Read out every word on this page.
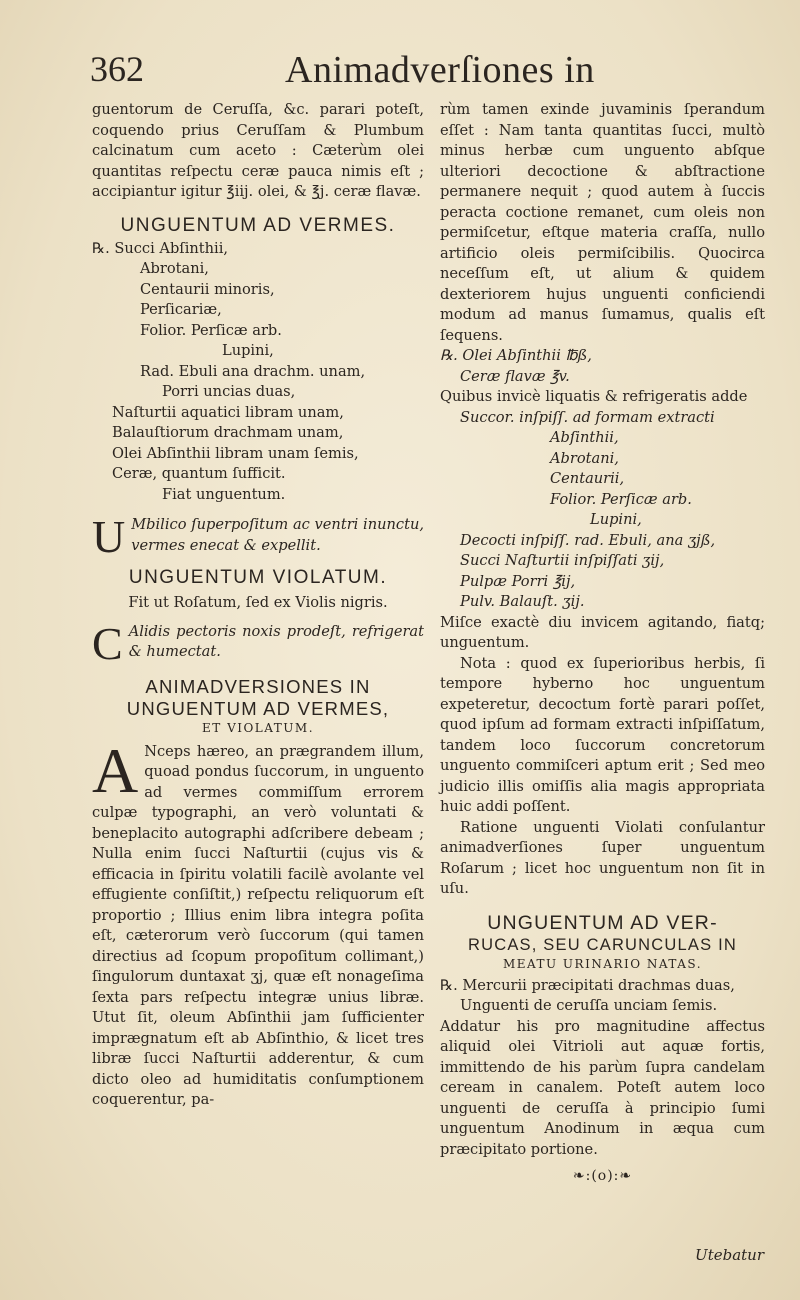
362	Animadverſiones in

guentorum de Ceruſſa, &c. parari poteſt, coquendo prius Ceruſſam & Plumbum calcinatum cum aceto : Cæterùm olei quantitas reſpectu ceræ pauca nimis eſt ; accipiantur igitur ℥iij. olei, & ℥j. ceræ flavæ.

UNGUENTUM AD VERMES.
℞. Succi Abſinthii,
Abrotani,
Centaurii minoris,
Perſicariæ,
Folior. Perſicæ arb.
Lupini,
Rad. Ebuli ana drachm. unam,
Porri uncias duas,
Naſturtii aquatici libram unam,
Balauſtiorum drachmam unam,
Olei Abſinthii libram unam ſemis,
Ceræ, quantum ſufficit.
Fiat unguentum.
U Mbilico ſuperpoſitum ac ventri inunctu, vermes enecat & expellit.

UNGUENTUM VIOLATUM.

Fit ut Roſatum, ſed ex Violis nigris.

C Alidis pectoris noxis prodeſt, refrigerat & humectat.

ANIMADVERSIONES IN
UNGUENTUM AD VERMES,
ET VIOLATUM.
A Nceps hæreo, an prægrandem illum, quoad pondus ſuccorum, in unguento ad vermes commiſſum errorem culpæ typographi, an verò voluntati & beneplacito autographi adſcribere debeam ; Nulla enim ſucci Naſturtii (cujus vis & efficacia in ſpiritu volatili facilè avolante vel effugiente conſiſtit,) reſpectu reliquorum eſt proportio ; Illius enim libra integra poſita eſt, cæterorum verò ſuccorum (qui tamen directius ad ſcopum propoſitum collimant,) ſingulorum duntaxat ʒj, quæ eſt nonageſima ſexta pars reſpectu integræ unius libræ. Utut ſit, oleum Abſinthii jam ſufficienter imprægnatum eſt ab Abſinthio, & licet tres libræ ſucci Naſturtii adderentur, & cum dicto oleo ad humiditatis conſumptionem coquerentur, pa-

rùm tamen exinde juvaminis ſperandum eſſet : Nam tanta quantitas ſucci, multò minus herbæ cum unguento abſque ulteriori decoctione & abſtractione permanere nequit ; quod autem à ſuccis peracta coctione remanet, cum oleis non permiſcetur, eſtque materia craſſa, nullo artificio oleis permiſcibilis. Quocirca neceſſum eſt, ut alium & quidem dexteriorem hujus unguenti conficiendi modum ad manus ſumamus, qualis eſt ſequens.

℞. Olei Abſinthii ℔ß,
Ceræ flavæ ℥v.
Quibus invicè liquatis & refrigeratis adde
Succor. inſpiſſ. ad formam extracti
Abſinthii,
Abrotani,
Centaurii,
Folior. Perſicæ arb.
Lupini,
Decocti inſpiſſ. rad. Ebuli, ana ʒjß,
Succi Naſturtii inſpiſſati ʒij,
Pulpæ Porri ℥ij,
Pulv. Balauſt. ʒij.

Miſce exactè diu invicem agitando, fiatq; unguentum.

Nota : quod ex ſuperioribus herbis, ſi tempore hyberno hoc unguentum expeteretur, decoctum fortè parari poſſet, quod ipſum ad formam extracti inſpiſſatum, tandem loco ſuccorum concretorum unguento commiſceri aptum erit ; Sed meo judicio illis omiſſis alia magis appropriata huic addi poſſent.

Ratione unguenti Violati conſulantur animadverſiones ſuper unguentum Roſarum ; licet hoc unguentum non ſit in uſu.

UNGUENTUM AD VER-
RUCAS, SEU CARUNCULAS IN
MEATU URINARIO NATAS.
℞. Mercurii præcipitati drachmas duas,
Unguenti de ceruſſa unciam ſemis.

Addatur his pro magnitudine affectus aliquid olei Vitrioli aut aquæ fortis, immittendo de his parùm ſupra candelam ceream in canalem. Poteſt autem loco unguenti de ceruſſa à principio ſumi unguentum Anodinum in æqua cum præcipitato portione.

❧:(o):❧
Utebatur
